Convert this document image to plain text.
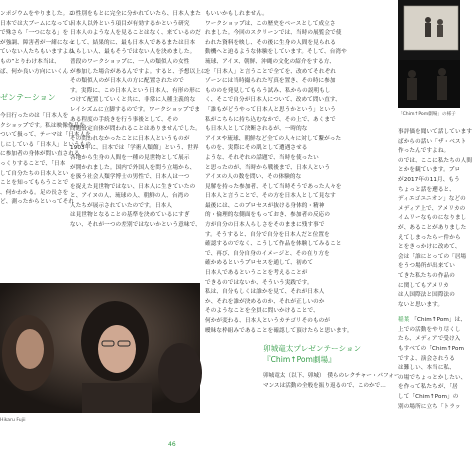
ンポジウムをやりました。こ

日本では大ブームになってい

で殊さら「一つになる」を

が強調、障害者が一緒になっ

ていない人たちもいますよね

もの”とりわけ本当は、

ば、何か良い方向にいくん

ゼンテーション

今日行ったのは「日本人を

クショップです。私は映像作品を

ついて扱って、テーマは「日本人を

しにしている「日本人」というもの

に参加者の身体が問い直される

っくりすることで、「日本

して自分たちの日本人とい

ことを知ってもらうことで

、何かわかる。足の長さを

ど、測ったからといってそれ

の性別をもとに完全に分かれていたら、日本人また

日本人以外という項目が有効するかという研究

日本人のような人を見ることはなく、来ているのだ

として、結果的に、最も日本人であるまたは日本

人らしい人、最もそうではない人を決めました。

普段のワークショップに、一人の類似人の女性

が参加した場合があるんですよ。すると、予想以上に

その類似人のが日本人の方に配置されたので

す。実際に、この日本人という日本人、有形の形に

つけて配置していくと共に、非常に人種主義的な

レイシズムに立脚するのです。ワークショップでま

ある程度の手続きを行う事後として、その

問題設定自体が問われることはありませんでした。

その問われなかったことに日本人というものが

1903年に、日本では「学術人類館」という、世界

各地から生身の人間を一種の見世物として展示

が開かれました。国内で外国人を問う立場から、

を扱う社会人類学博士の男性で、日本人は一つ

を捉えた見世物ではない、日本人に生きていたの

と、アイヌの人、琉球の人、朝鮮の人、台湾の

人たちが展示されていたのです。日本人

は見世物となることの基準を決めているにすぎ

ない、それが一つの差別ではないかという意味で、

もいいかもしれません。

ワークショップは、この歴史をベースとして成立さ

れました。今回のスクリーンでは、当時の展覧会で使

われた資料を映し、その後に生身の人間を見られる

動機へと迫るような体験をしています。そして、台湾や

琉球、アイヌ、朝鮮、沖縄の文化の紹介をする方、

を「日本人」と言うことで全てを、改めてそれぞれ

ゾーンには当時撮られた写真を置き、その時に参加

もののを発見してもらう試み、私からの説明もし

く、そこで自分が日本人について、改めて問い直す、

「誰もがどうやって日本人と思うかという」という

私がこちらに持ち込むなかで、その上で、あくまで

も日本人として決断されるが、一時的な

アイヌや琉球、朝鮮など全ての人々に対して繋がった

ものを、実際にその肌として遭遇させる

ような、それぞれの話題で、当時を使ったい

と思ったのが、当時から戦後まで、日本人という

アイヌの人の数を問い、その体験的な

見解を持った参加者、そして当時そうであった人々を

日本人と言うことで、その方を日本人として見なす

最後には、このプロセスが抜ける身体的・精神

的・倫理的な側面をもっておき、参加者の反応の

方が自分の日本人らしさをそのままに残す事で

す。そうすると、自分で自分を日本人だと位置を

確認するのでなく、こうして作品を体験してみること

で、再び、自分自身のイメージと、その在り方を

確かめるというプロセスを通して、初めて

日本人であるということを考えることが

できるのではないか、そういう実践です。

私は、自分もしくは誰かを見て、それが日本人

か、それを誰が決めるのか、それが正しいのか

そのようなことを全員に問いかけることで、

何かが変わる、日本人というカテゴリそのものが

曖昧な枠組みであることを確認して頂けたらと思います。

「Chim↑Pom劇場」の様子

事評価を聞いて話しています

ばからの話い「ザ・ベスト

作ったんですよね。

のでは、ここに私たちの人間

とかを観ています。プロ

が2017年の11月、もう

ちょっと話を遡ると、

ディエゴユニオン」などの

メディア上で、アメリカの

イムリーなものになりまし

が、あることがありました

えてしまったらー件から

とをきっかけに改めて、

会は「誰にとっての「居場

をうつ場所が出来てい

てきた私たちの作品の

に関してもアメリカ

は人国際法と国際法の

ないと思います。

稲葉 「Chim↑Pom」は、

上での活動をやり尽くし

たら、メディアで受け入

もすべての「Chim↑Pom

ですよ、演会されうる

は難しい、本当に私、

の場でちょっとかしたい、

を作って私たちが、「居

して「Chim↑Pom」の

別の場所に立ち「トラッ

Hikaru Fujii
卯城竜太プレゼンテーション
『Chim↑Pom劇場』

卯城竜太（以下、卯城）　僕らのレクチャー・パフォー

マンスは活動の全般を振り返るので、このかで…

46
